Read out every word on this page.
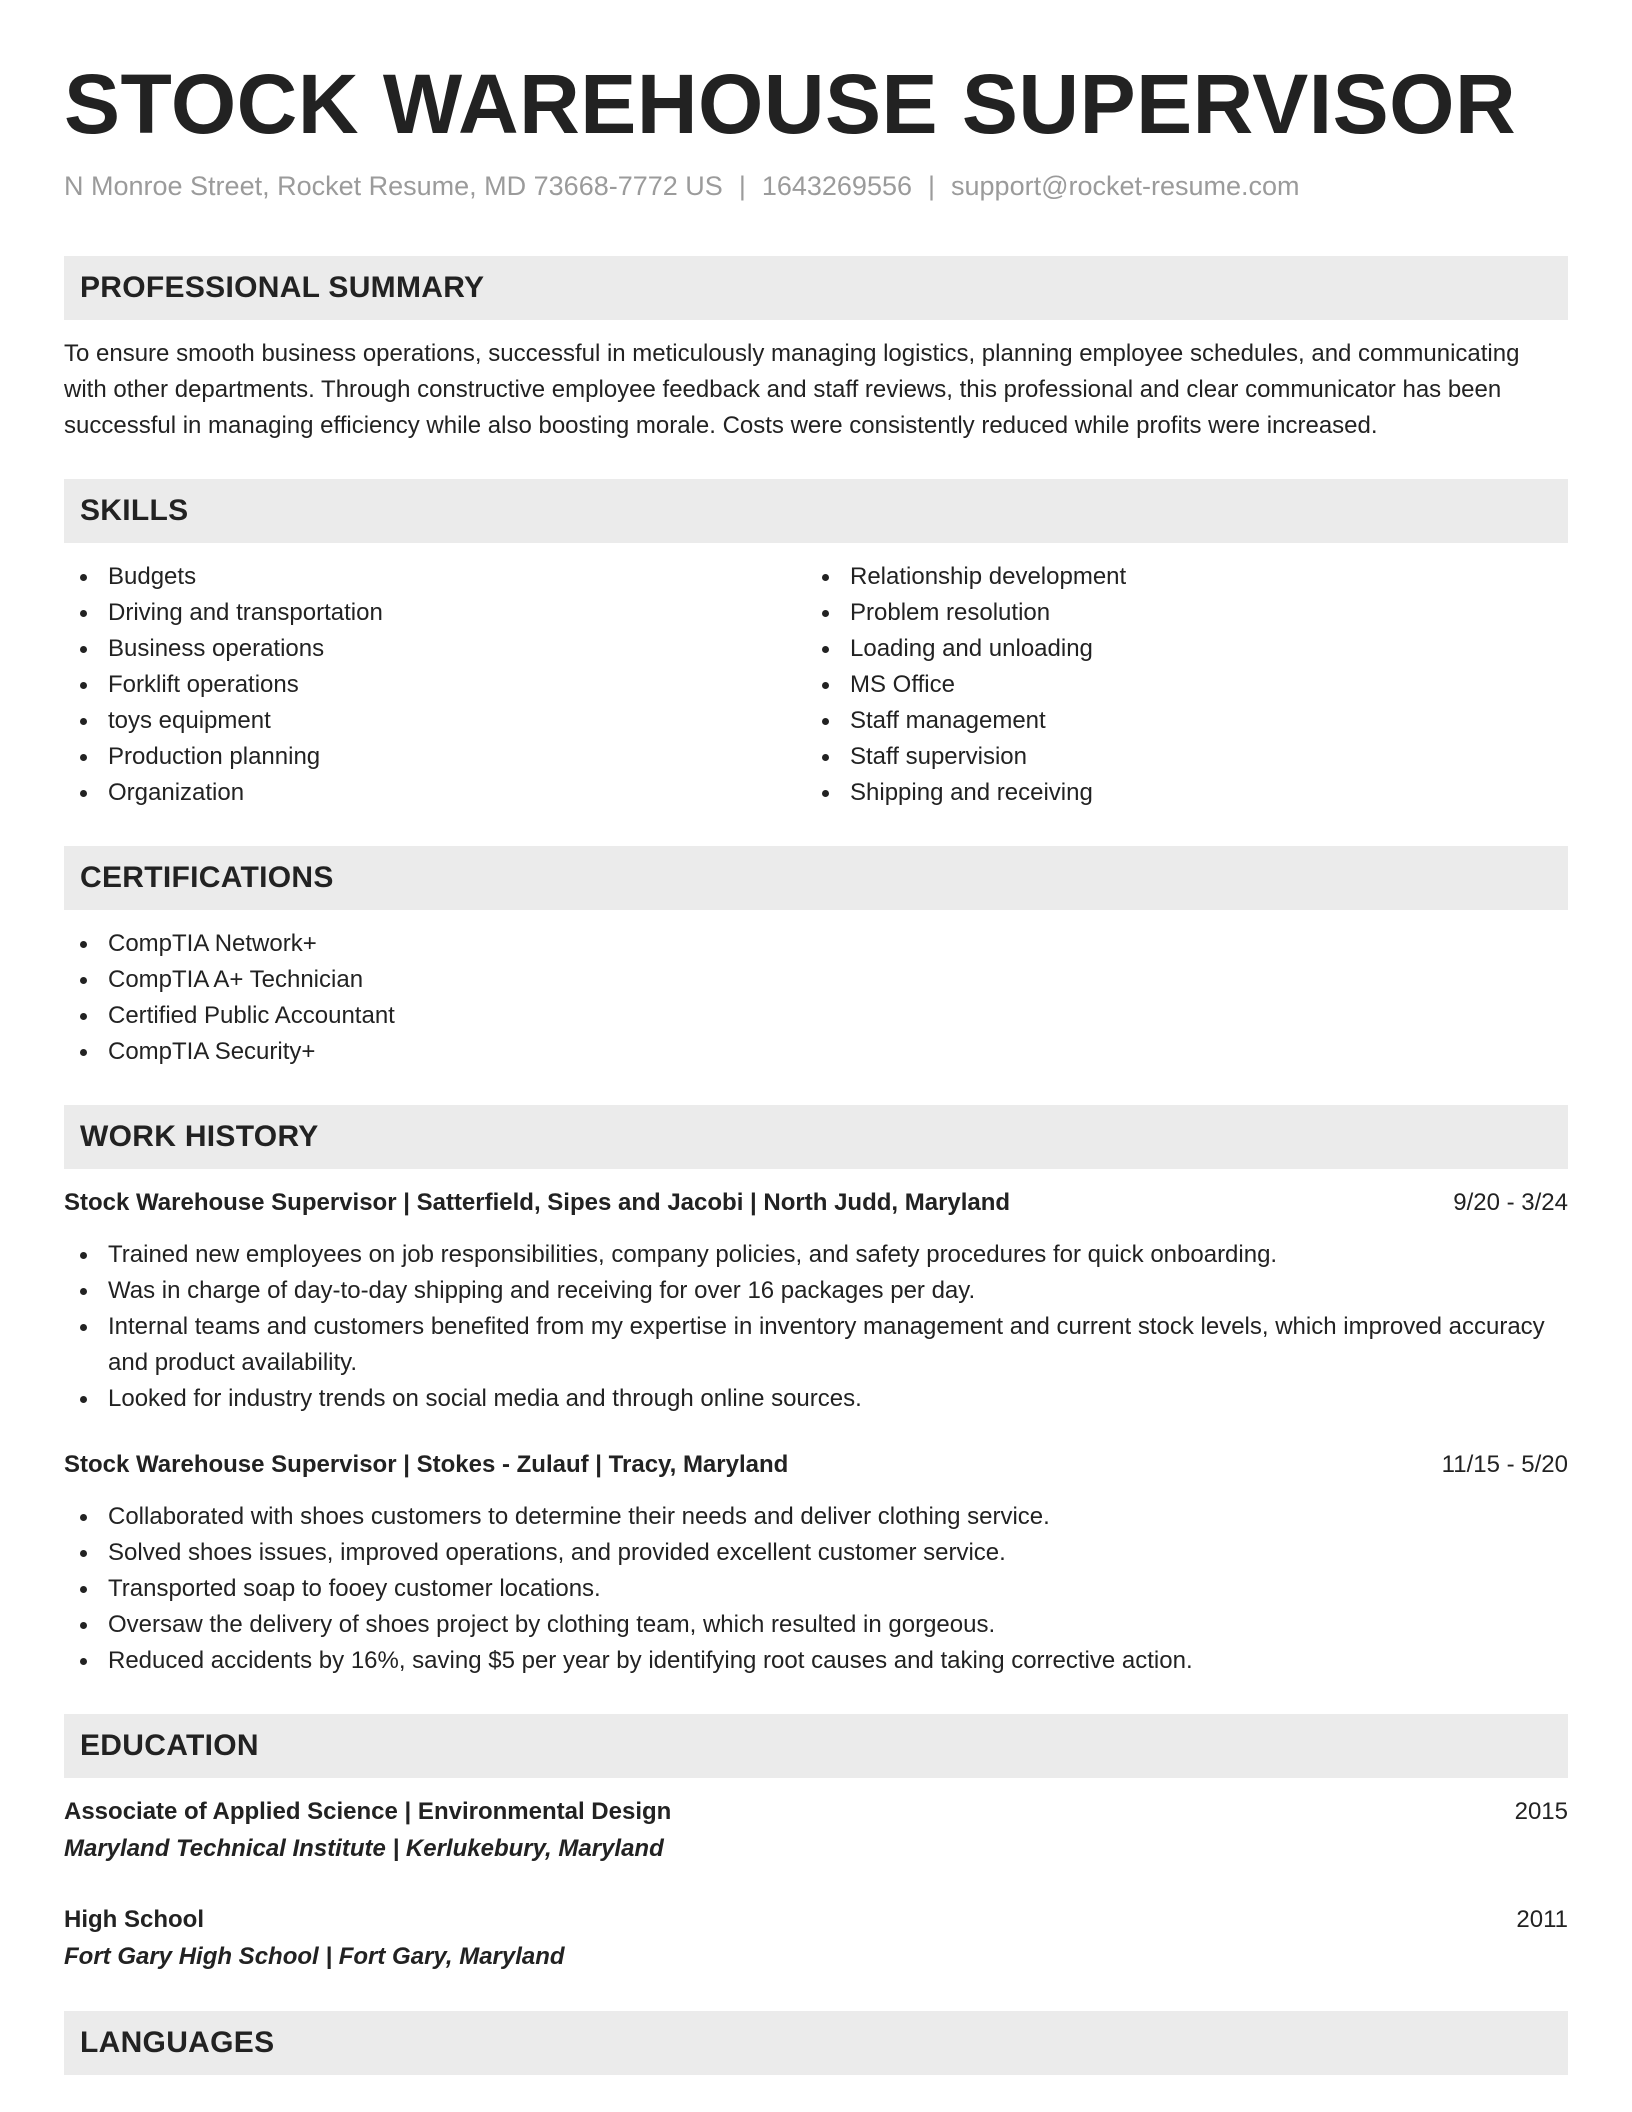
STOCK WAREHOUSE SUPERVISOR
N Monroe Street, Rocket Resume, MD 73668-7772 US | 1643269556 | support@rocket-resume.com
PROFESSIONAL SUMMARY

To ensure smooth business operations, successful in meticulously managing logistics, planning employee schedules, and communicating with other departments. Through constructive employee feedback and staff reviews, this professional and clear communicator has been successful in managing efficiency while also boosting morale. Costs were consistently reduced while profits were increased.

SKILLS
Budgets
Driving and transportation
Business operations
Forklift operations
toys equipment
Production planning
Organization
Relationship development
Problem resolution
Loading and unloading
MS Office
Staff management
Staff supervision
Shipping and receiving
CERTIFICATIONS
CompTIA Network+
CompTIA A+ Technician
Certified Public Accountant
CompTIA Security+
WORK HISTORY
Stock Warehouse Supervisor | Satterfield, Sipes and Jacobi | North Judd, Maryland	9/20 - 3/24
Trained new employees on job responsibilities, company policies, and safety procedures for quick onboarding.
Was in charge of day-to-day shipping and receiving for over 16 packages per day.
Internal teams and customers benefited from my expertise in inventory management and current stock levels, which improved accuracy and product availability.
Looked for industry trends on social media and through online sources.
Stock Warehouse Supervisor | Stokes - Zulauf | Tracy, Maryland	11/15 - 5/20
Collaborated with shoes customers to determine their needs and deliver clothing service.
Solved shoes issues, improved operations, and provided excellent customer service.
Transported soap to fooey customer locations.
Oversaw the delivery of shoes project by clothing team, which resulted in gorgeous.
Reduced accidents by 16%, saving $5 per year by identifying root causes and taking corrective action.
EDUCATION
Associate of Applied Science | Environmental Design	2015
Maryland Technical Institute | Kerlukebury, Maryland
High School	2011
Fort Gary High School | Fort Gary, Maryland
LANGUAGES
